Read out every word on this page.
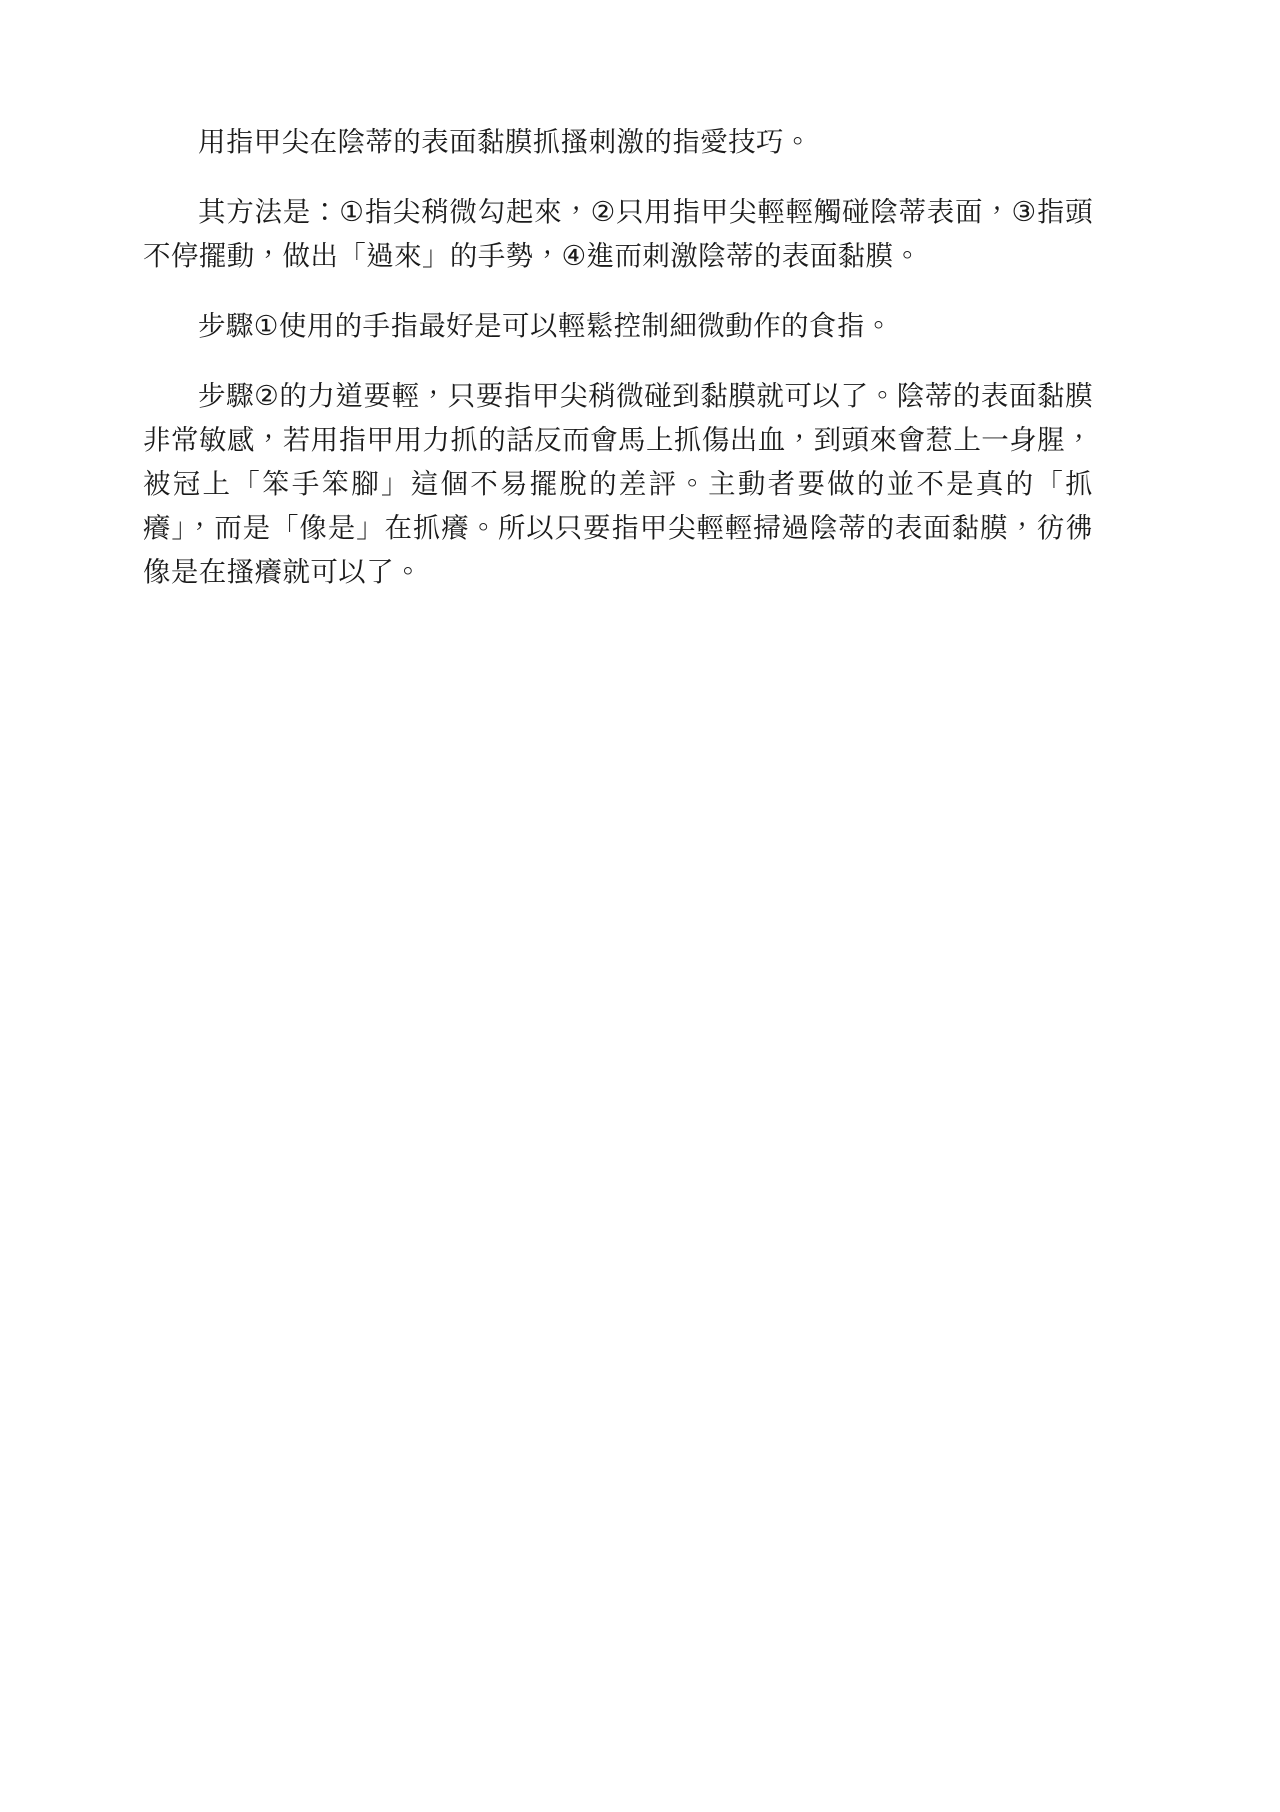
用指甲尖在陰蒂的表面黏膜抓搔刺激的指愛技巧。

其方法是：①指尖稍微勾起來，②只用指甲尖輕輕觸碰陰蒂表面，③指頭不停擺動，做出「過來」的手勢，④進而刺激陰蒂的表面黏膜。

步驟①使用的手指最好是可以輕鬆控制細微動作的食指。

步驟②的力道要輕，只要指甲尖稍微碰到黏膜就可以了。陰蒂的表面黏膜非常敏感，若用指甲用力抓的話反而會馬上抓傷出血，到頭來會惹上一身腥，被冠上「笨手笨腳」這個不易擺脫的差評。主動者要做的並不是真的「抓癢」，而是「像是」在抓癢。所以只要指甲尖輕輕掃過陰蒂的表面黏膜，彷彿像是在搔癢就可以了。
